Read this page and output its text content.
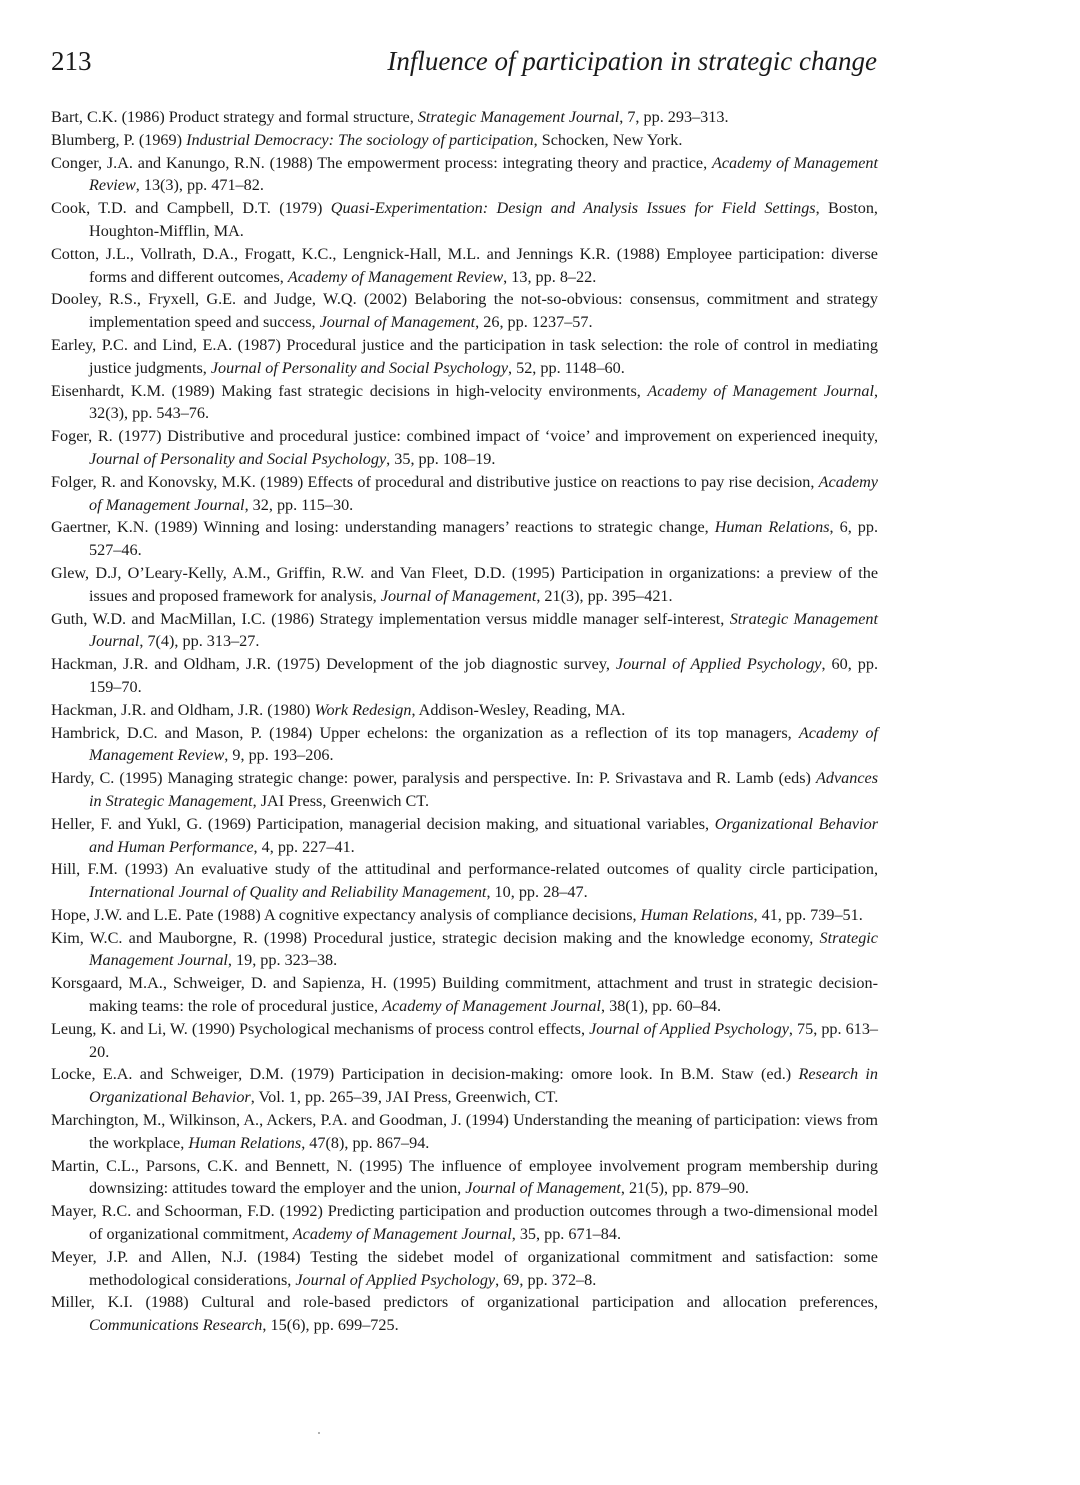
213	Influence of participation in strategic change

Bart, C.K. (1986) Product strategy and formal structure, Strategic Management Journal, 7, pp. 293–313.

Blumberg, P. (1969) Industrial Democracy: The sociology of participation, Schocken, New York.

Conger, J.A. and Kanungo, R.N. (1988) The empowerment process: integrating theory and practice, Academy of Management Review, 13(3), pp. 471–82.

Cook, T.D. and Campbell, D.T. (1979) Quasi-Experimentation: Design and Analysis Issues for Field Settings, Boston, Houghton-Mifflin, MA.

Cotton, J.L., Vollrath, D.A., Frogatt, K.C., Lengnick-Hall, M.L. and Jennings K.R. (1988) Employee participation: diverse forms and different outcomes, Academy of Management Review, 13, pp. 8–22.

Dooley, R.S., Fryxell, G.E. and Judge, W.Q. (2002) Belaboring the not-so-obvious: consensus, commitment and strategy implementation speed and success, Journal of Management, 26, pp. 1237–57.

Earley, P.C. and Lind, E.A. (1987) Procedural justice and the participation in task selection: the role of control in mediating justice judgments, Journal of Personality and Social Psychology, 52, pp. 1148–60.

Eisenhardt, K.M. (1989) Making fast strategic decisions in high-velocity environments, Academy of Management Journal, 32(3), pp. 543–76.

Foger, R. (1977) Distributive and procedural justice: combined impact of ‘voice’ and improvement on experienced inequity, Journal of Personality and Social Psychology, 35, pp. 108–19.

Folger, R. and Konovsky, M.K. (1989) Effects of procedural and distributive justice on reactions to pay rise decision, Academy of Management Journal, 32, pp. 115–30.

Gaertner, K.N. (1989) Winning and losing: understanding managers’ reactions to strategic change, Human Relations, 6, pp. 527–46.

Glew, D.J, O’Leary-Kelly, A.M., Griffin, R.W. and Van Fleet, D.D. (1995) Participation in organizations: a preview of the issues and proposed framework for analysis, Journal of Management, 21(3), pp. 395–421.

Guth, W.D. and MacMillan, I.C. (1986) Strategy implementation versus middle manager self-interest, Strategic Management Journal, 7(4), pp. 313–27.

Hackman, J.R. and Oldham, J.R. (1975) Development of the job diagnostic survey, Journal of Applied Psychology, 60, pp. 159–70.

Hackman, J.R. and Oldham, J.R. (1980) Work Redesign, Addison-Wesley, Reading, MA.

Hambrick, D.C. and Mason, P. (1984) Upper echelons: the organization as a reflection of its top managers, Academy of Management Review, 9, pp. 193–206.

Hardy, C. (1995) Managing strategic change: power, paralysis and perspective. In: P. Srivastava and R. Lamb (eds) Advances in Strategic Management, JAI Press, Greenwich CT.

Heller, F. and Yukl, G. (1969) Participation, managerial decision making, and situational variables, Organizational Behavior and Human Performance, 4, pp. 227–41.

Hill, F.M. (1993) An evaluative study of the attitudinal and performance-related outcomes of quality circle participation, International Journal of Quality and Reliability Management, 10, pp. 28–47.

Hope, J.W. and L.E. Pate (1988) A cognitive expectancy analysis of compliance decisions, Human Relations, 41, pp. 739–51.

Kim, W.C. and Mauborgne, R. (1998) Procedural justice, strategic decision making and the knowledge economy, Strategic Management Journal, 19, pp. 323–38.

Korsgaard, M.A., Schweiger, D. and Sapienza, H. (1995) Building commitment, attachment and trust in strategic decision-making teams: the role of procedural justice, Academy of Management Journal, 38(1), pp. 60–84.

Leung, K. and Li, W. (1990) Psychological mechanisms of process control effects, Journal of Applied Psychology, 75, pp. 613–20.

Locke, E.A. and Schweiger, D.M. (1979) Participation in decision-making: omore look. In B.M. Staw (ed.) Research in Organizational Behavior, Vol. 1, pp. 265–39, JAI Press, Greenwich, CT.

Marchington, M., Wilkinson, A., Ackers, P.A. and Goodman, J. (1994) Understanding the meaning of participation: views from the workplace, Human Relations, 47(8), pp. 867–94.

Martin, C.L., Parsons, C.K. and Bennett, N. (1995) The influence of employee involvement program membership during downsizing: attitudes toward the employer and the union, Journal of Management, 21(5), pp. 879–90.

Mayer, R.C. and Schoorman, F.D. (1992) Predicting participation and production outcomes through a two-dimensional model of organizational commitment, Academy of Management Journal, 35, pp. 671–84.

Meyer, J.P. and Allen, N.J. (1984) Testing the sidebet model of organizational commitment and satisfaction: some methodological considerations, Journal of Applied Psychology, 69, pp. 372–8.

Miller, K.I. (1988) Cultural and role-based predictors of organizational participation and allocation preferences, Communications Research, 15(6), pp. 699–725.
